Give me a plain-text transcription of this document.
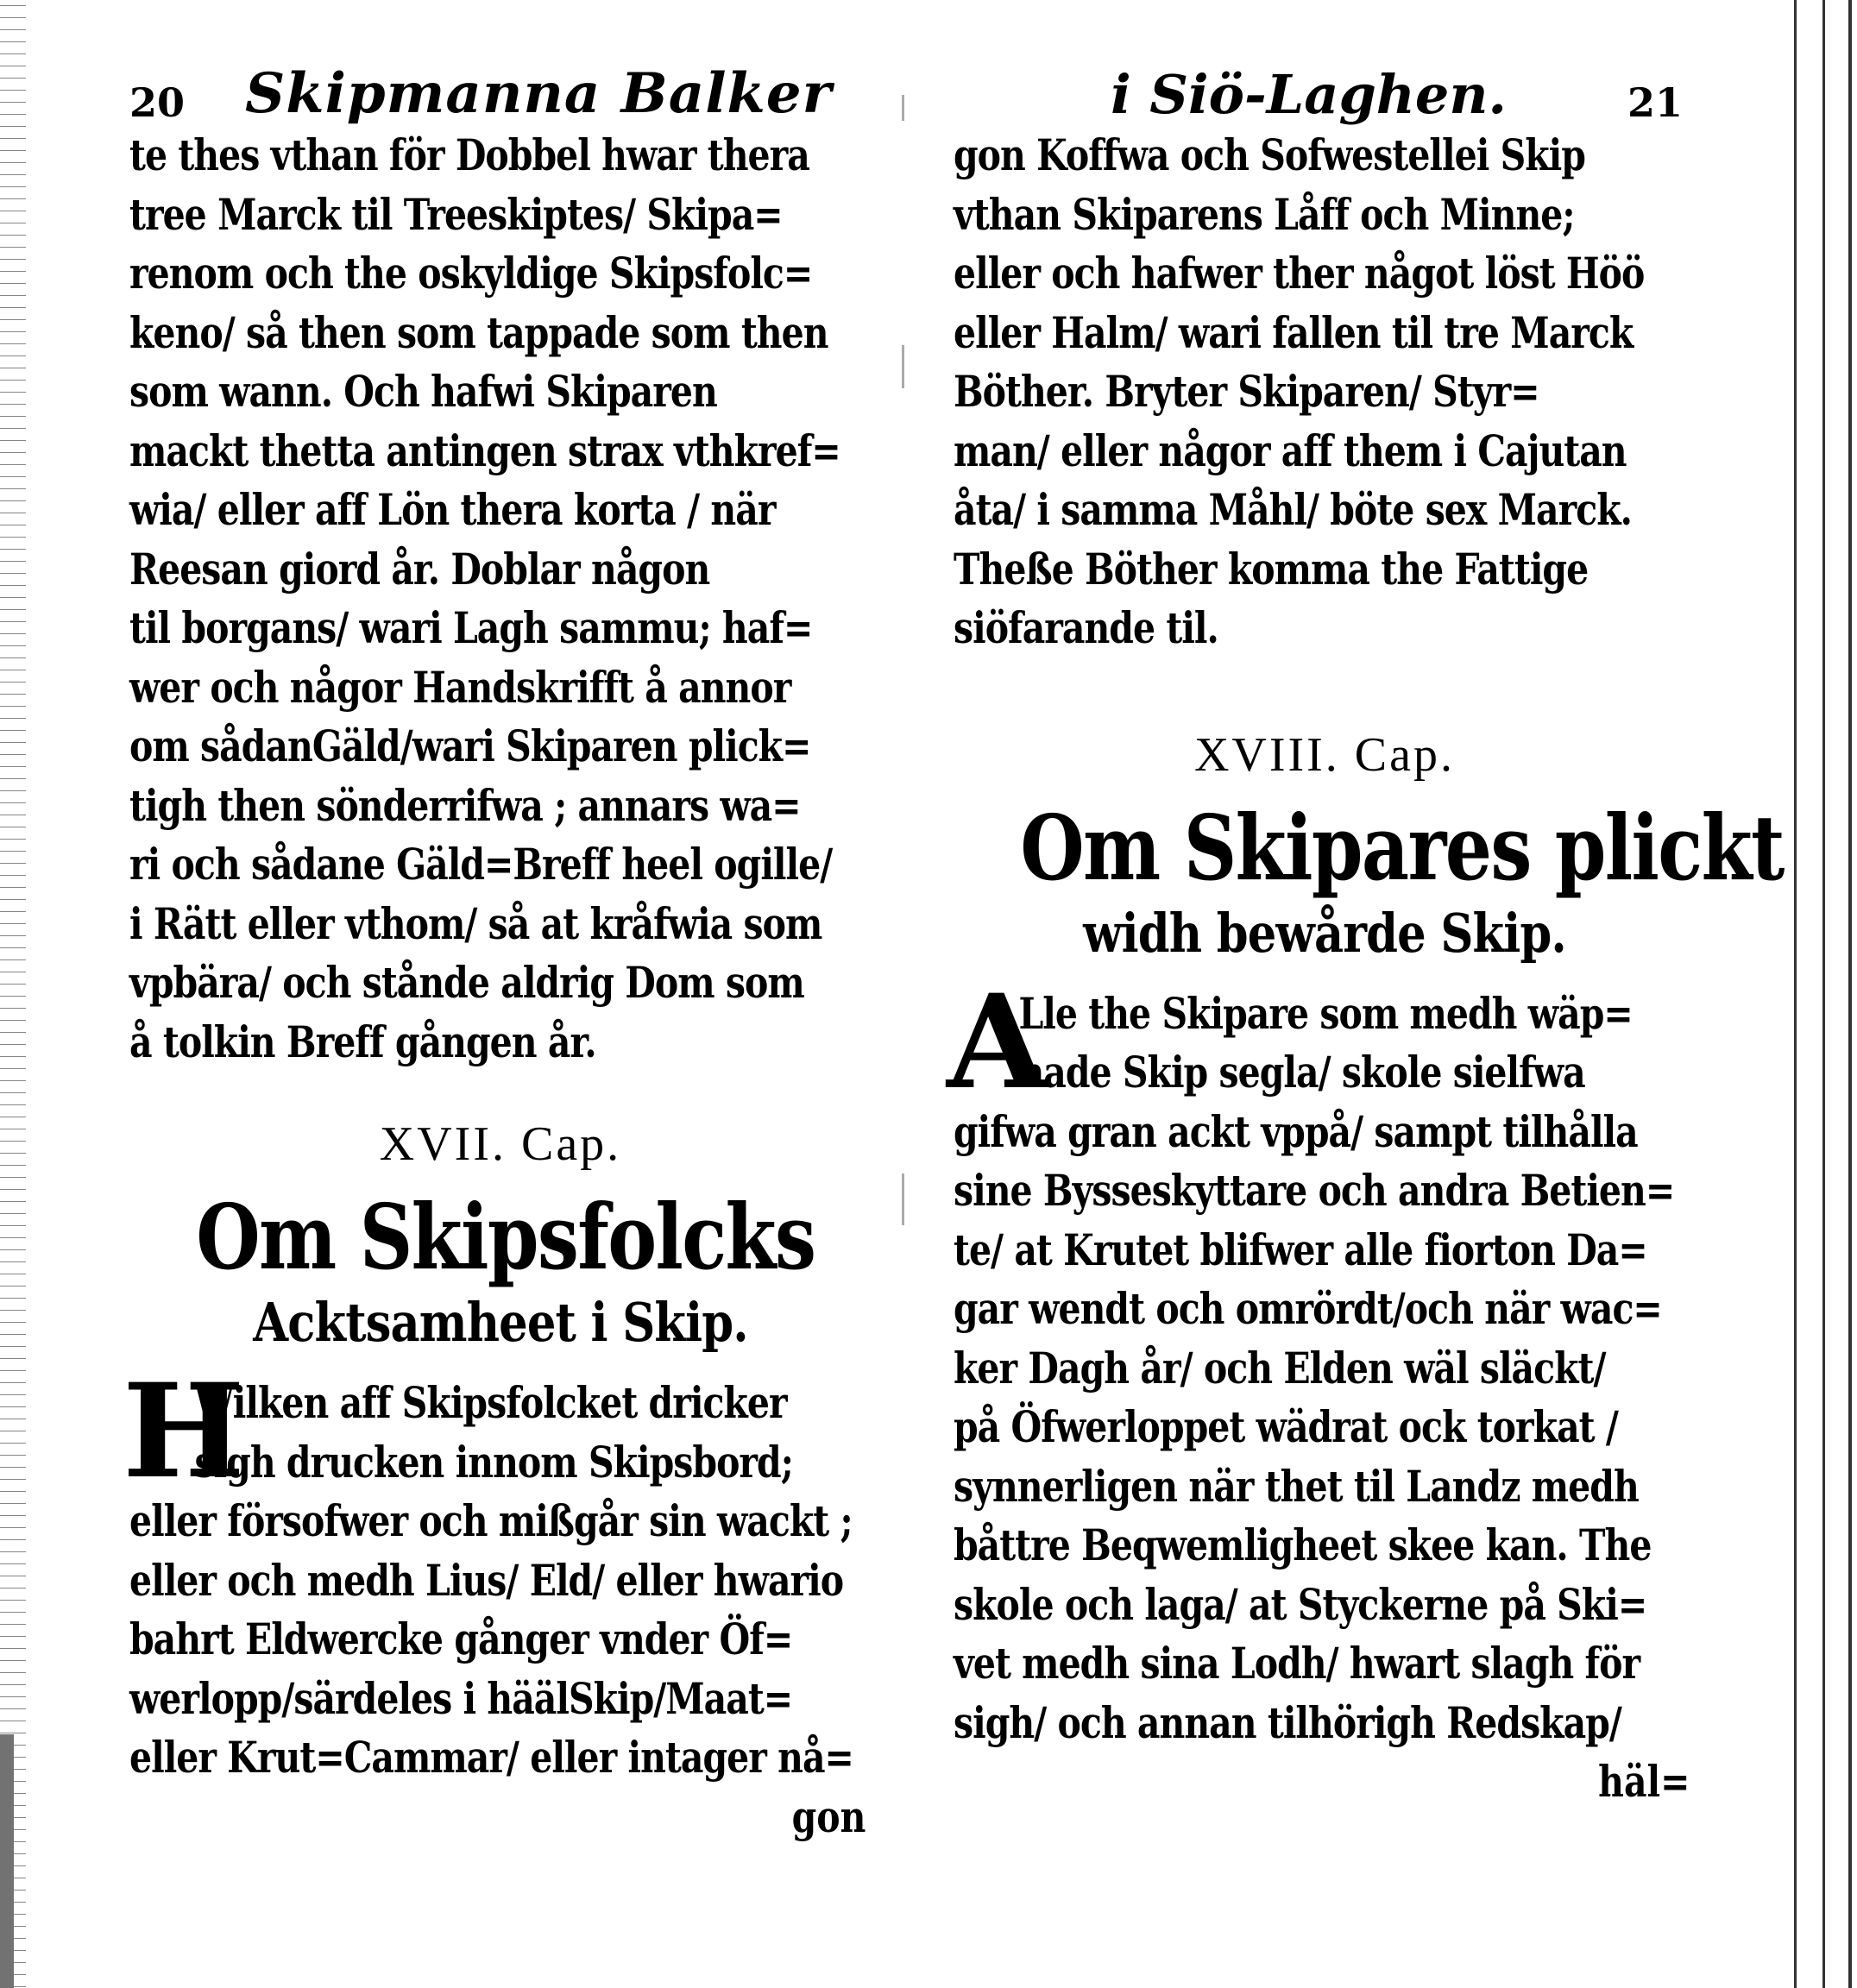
20 Skipmanna Balker
te thes vthan för Dobbel hwar thera
tree Marck til Treeskiptes/ Skipa=
renom och the oskyldige Skipsfolc=
keno/ så then som tappade som then
som wann. Och hafwi Skiparen
mackt thetta antingen strax vthkref=
wia/ eller aff Lön thera korta / när
Reesan giord år. Doblar någon
til borgans/ wari Lagh sammu; haf=
wer och någor Handskrifft å annor
om sådanGäld/wari Skiparen plick=
tigh then sönderrifwa ; annars wa=
ri och sådane Gäld=Breff heel ogille/
i Rätt eller vthom/ så at kråfwia som
vpbära/ och stånde aldrig Dom som
å tolkin Breff gången år.
XVII. Cap.
Om Skipsfolcks
Acktsamheet i Skip.
H
Wilken aff Skipsfolcket dricker
sigh drucken innom Skipsbord;
eller försofwer och mißgår sin wackt ;
eller och medh Lius/ Eld/ eller hwario
bahrt Eldwercke gånger vnder Öf=
werlopp/särdeles i häälSkip/Maat=
eller Krut=Cammar/ eller intager nå=
gon
i Siö-Laghen.	21
gon Koffwa och Sofwestellei Skip
vthan Skiparens Låff och Minne;
eller och hafwer ther något löst Höö
eller Halm/ wari fallen til tre Marck
Böther. Bryter Skiparen/ Styr=
man/ eller någor aff them i Cajutan
åta/ i samma Måhl/ böte sex Marck.
Theße Böther komma the Fattige
siöfarande til.
XVIII. Cap.
Om Skipares plickt
widh bewårde Skip.
A
Lle the Skipare som medh wäp=
nade Skip segla/ skole sielfwa
gifwa gran ackt vppå/ sampt tilhålla
sine Bysseskyttare och andra Betien=
te/ at Krutet blifwer alle fiorton Da=
gar wendt och omrördt/och när wac=
ker Dagh år/ och Elden wäl släckt/
på Öfwerloppet wädrat ock torkat /
synnerligen när thet til Landz medh
båttre Beqwemligheet skee kan. The
skole och laga/ at Styckerne på Ski=
vet medh sina Lodh/ hwart slagh för
sigh/ och annan tilhörigh Redskap/
häl=
